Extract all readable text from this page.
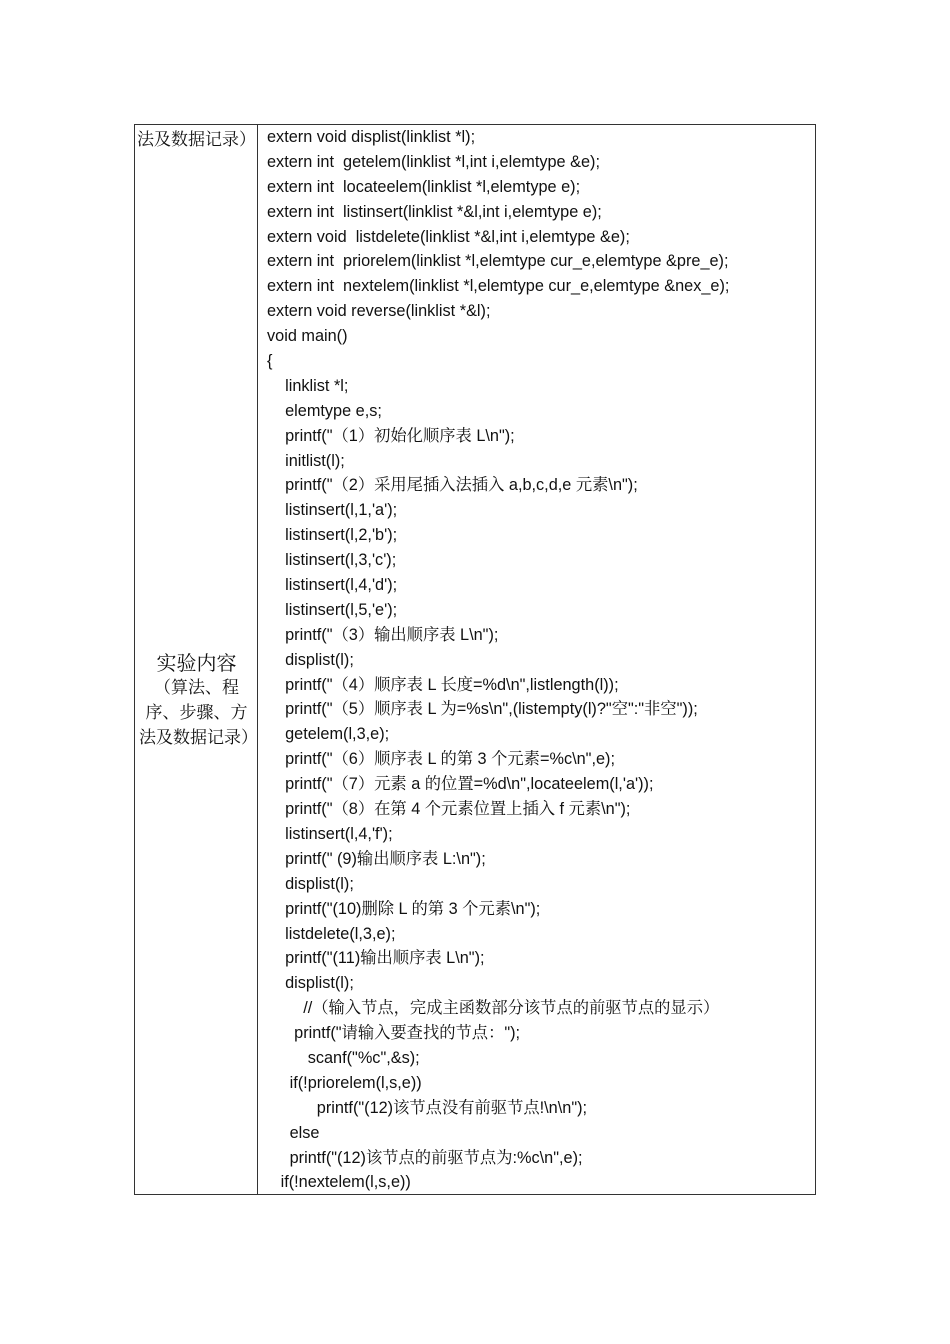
法及数据记录）
实验内容
（算法、程序、步骤、方法及数据记录）
extern void displist(linklist *l);
extern int  getelem(linklist *l,int i,elemtype &e);
extern int  locateelem(linklist *l,elemtype e);
extern int  listinsert(linklist *&l,int i,elemtype e);
extern void  listdelete(linklist *&l,int i,elemtype &e);
extern int  priorelem(linklist *l,elemtype cur_e,elemtype &pre_e);
extern int  nextelem(linklist *l,elemtype cur_e,elemtype &nex_e);
extern void reverse(linklist *&l);
void main()
{
linklist *l;
elemtype e,s;
printf("（1）初始化顺序表 L\n");
initlist(l);
printf("（2）采用尾插入法插入 a,b,c,d,e 元素\n");
listinsert(l,1,'a');
listinsert(l,2,'b');
listinsert(l,3,'c');
listinsert(l,4,'d');
listinsert(l,5,'e');
printf("（3）输出顺序表 L\n");
displist(l);
printf("（4）顺序表 L 长度=%d\n",listlength(l));
printf("（5）顺序表 L 为=%s\n",(listempty(l)?"空":"非空"));
getelem(l,3,e);
printf("（6）顺序表 L 的第 3 个元素=%c\n",e);
printf("（7）元素 a 的位置=%d\n",locateelem(l,'a'));
printf("（8）在第 4 个元素位置上插入 f 元素\n");
listinsert(l,4,'f');
printf(" (9)输出顺序表 L:\n");
displist(l);
printf("(10)删除 L 的第 3 个元素\n");
listdelete(l,3,e);
printf("(11)输出顺序表 L\n");
displist(l);
//（输入节点，完成主函数部分该节点的前驱节点的显示）
printf("请输入要查找的节点：");
scanf("%c",&s);
if(!priorelem(l,s,e))
printf("(12)该节点没有前驱节点!\n\n");
else
printf("(12)该节点的前驱节点为:%c\n",e);
if(!nextelem(l,s,e))
